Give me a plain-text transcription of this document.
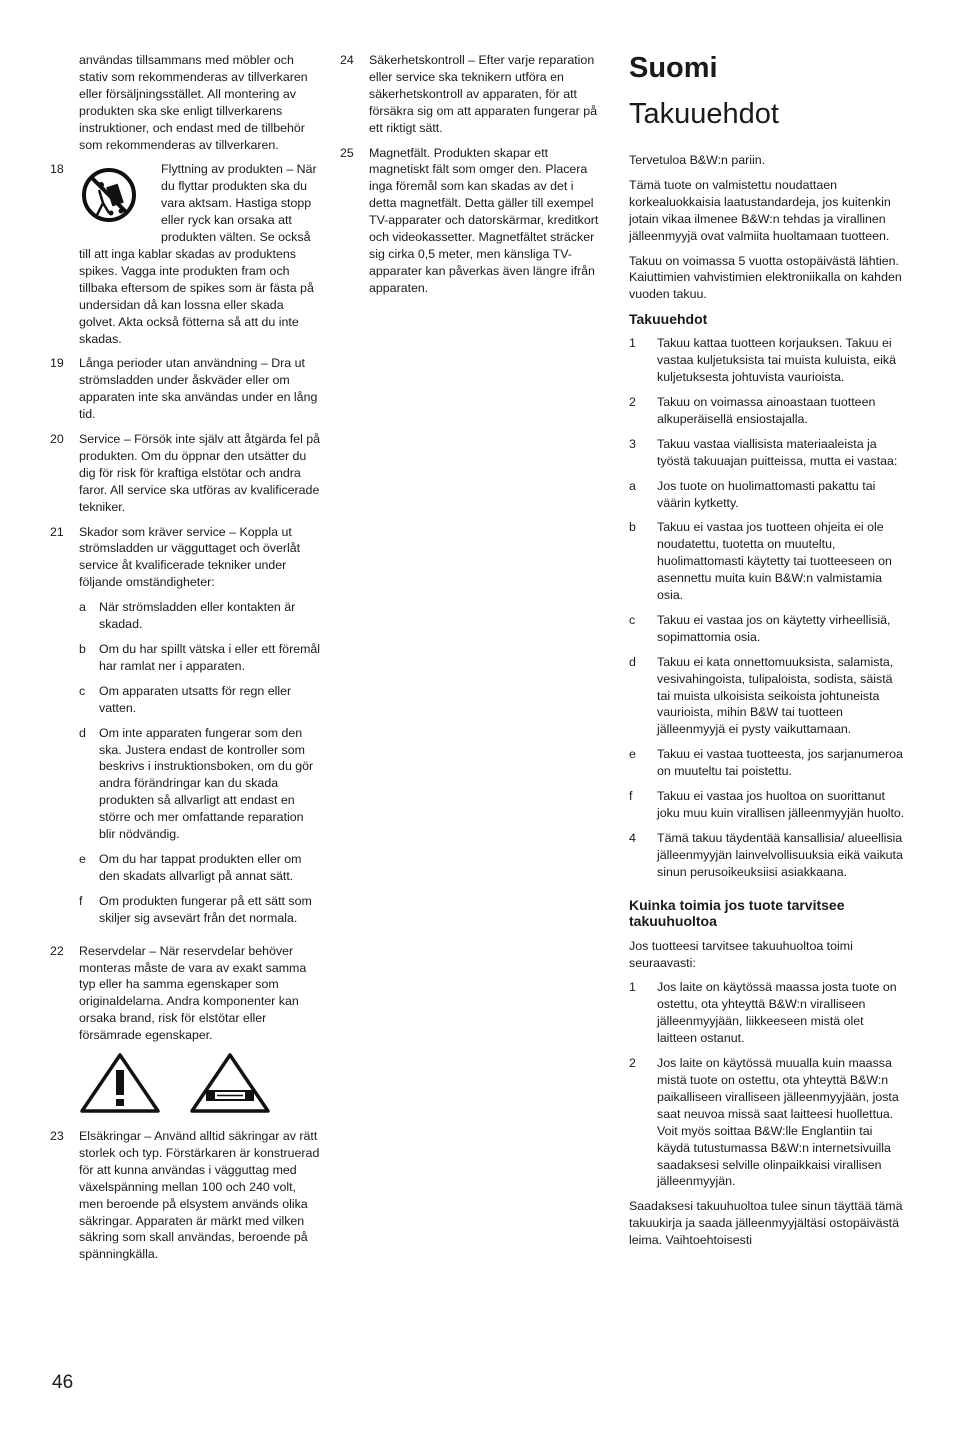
användas tillsammans med möbler och stativ som rekommenderas av tillverkaren eller försäljningsstället. All montering av produkten ska ske enligt tillverkarens instruktioner, och endast med de tillbehör som rekommenderas av tillverkaren.
18	Flyttning av produkten – När du flyttar produkten ska du vara aktsam. Hastiga stopp eller ryck kan orsaka att produkten välten. Se också till att inga kablar skadas av produktens spikes. Vagga inte produkten fram och tillbaka eftersom de spikes som är fästa på undersidan då kan lossna eller skada golvet. Akta också fötterna så att du inte skadas.
19	Långa perioder utan användning – Dra ut strömsladden under åskväder eller om apparaten inte ska användas under en lång tid.
20	Service – Försök inte själv att åtgärda fel på produkten. Om du öppnar den utsätter du dig för risk för kraftiga elstötar och andra faror. All service ska utföras av kvalificerade tekniker.
21	Skador som kräver service – Koppla ut strömsladden ur vägguttaget och överlåt service åt kvalificerade tekniker under följande omständigheter:
a	När strömsladden eller kontakten är skadad.
b	Om du har spillt vätska i eller ett föremål har ramlat ner i apparaten.
c	Om apparaten utsatts för regn eller vatten.
d	Om inte apparaten fungerar som den ska. Justera endast de kontroller som beskrivs i instruktionsboken, om du gör andra förändringar kan du skada produkten så allvarligt att endast en större och mer omfattande reparation blir nödvändig.
e	Om du har tappat produkten eller om den skadats allvarligt på annat sätt.
f	Om produkten fungerar på ett sätt som skiljer sig avsevärt från det normala.
22	Reservdelar – När reservdelar behöver monteras måste de vara av exakt samma typ eller ha samma egenskaper som originaldelarna. Andra komponenter kan orsaka brand, risk för elstötar eller försämrade egenskaper.
23	Elsäkringar – Använd alltid säkringar av rätt storlek och typ. Förstärkaren är konstruerad för att kunna användas i vägguttag med växelspänning mellan 100 och 240 volt, men beroende på elsystem används olika säkringar. Apparaten är märkt med vilken säkring som skall användas, beroende på spänningkälla.
24	Säkerhetskontroll – Efter varje reparation eller service ska teknikern utföra en säkerhetskontroll av apparaten, för att försäkra sig om att apparaten fungerar på ett riktigt sätt.
25	Magnetfält. Produkten skapar ett magnetiskt fält som omger den. Placera inga föremål som kan skadas av det i detta magnetfält. Detta gäller till exempel TV-apparater och datorskärmar, kreditkort och videokassetter. Magnetfältet sträcker sig cirka 0,5 meter, men känsliga TV-apparater kan påverkas även längre ifrån apparaten.
Suomi
Takuuehdot

Tervetuloa B&W:n pariin.

Tämä tuote on valmistettu noudattaen korkealuokkaisia laatustandardeja, jos kuitenkin jotain vikaa ilmenee B&W:n tehdas ja virallinen jälleenmyyjä ovat valmiita huoltamaan tuotteen.

Takuu on voimassa 5 vuotta ostopäivästä lähtien. Kaiuttimien vahvistimien elektroniikalla on kahden vuoden takuu.

Takuuehdot
1	Takuu kattaa tuotteen korjauksen. Takuu ei vastaa kuljetuksista tai muista kuluista, eikä kuljetuksesta johtuvista vaurioista.
2	Takuu on voimassa ainoastaan tuotteen alkuperäisellä ensiostajalla.
3	Takuu vastaa viallisista materiaaleista ja työstä takuuajan puitteissa, mutta ei vastaa:
a	Jos tuote on huolimattomasti pakattu tai väärin kytketty.
b	Takuu ei vastaa jos tuotteen ohjeita ei ole noudatettu, tuotetta on muuteltu, huolimattomasti käytetty tai tuotteeseen on asennettu muita kuin B&W:n valmistamia osia.
c	Takuu ei vastaa jos on käytetty virheellisiä, sopimattomia osia.
d	Takuu ei kata onnettomuuksista, salamista, vesivahingoista, tulipaloista, sodista, säistä tai muista ulkoisista seikoista johtuneista vaurioista, mihin B&W tai tuotteen jälleenmyyjä ei pysty vaikuttamaan.
e	Takuu ei vastaa tuotteesta, jos sarjanumeroa on muuteltu tai poistettu.
f	Takuu ei vastaa jos huoltoa on suorittanut joku muu kuin virallisen jälleenmyyjän huolto.
4	Tämä takuu täydentää kansallisia/ alueellisia jälleenmyyjän lainvelvollisuuksia eikä vaikuta sinun perusoikeuksiisi asiakkaana.
Kuinka toimia jos tuote tarvitsee takuuhuoltoa

Jos tuotteesi tarvitsee takuuhuoltoa toimi seuraavasti:

1	Jos laite on käytössä maassa josta tuote on ostettu, ota yhteyttä B&W:n viralliseen jälleenmyyjään, liikkeeseen mistä olet laitteen ostanut.
2	Jos laite on käytössä muualla kuin maassa mistä tuote on ostettu, ota yhteyttä B&W:n paikalliseen viralliseen jälleenmyyjään, josta saat neuvoa missä saat laitteesi huollettua. Voit myös soittaa B&W:lle Englantiin tai käydä tutustumassa B&W:n internetsivuilla saadaksesi selville olinpaikkaisi virallisen jälleenmyyjän.

Saadaksesi takuuhuoltoa tulee sinun täyttää tämä takuukirja ja saada jälleenmyyjältäsi ostopäivästä leima. Vaihtoehtoisesti

46
